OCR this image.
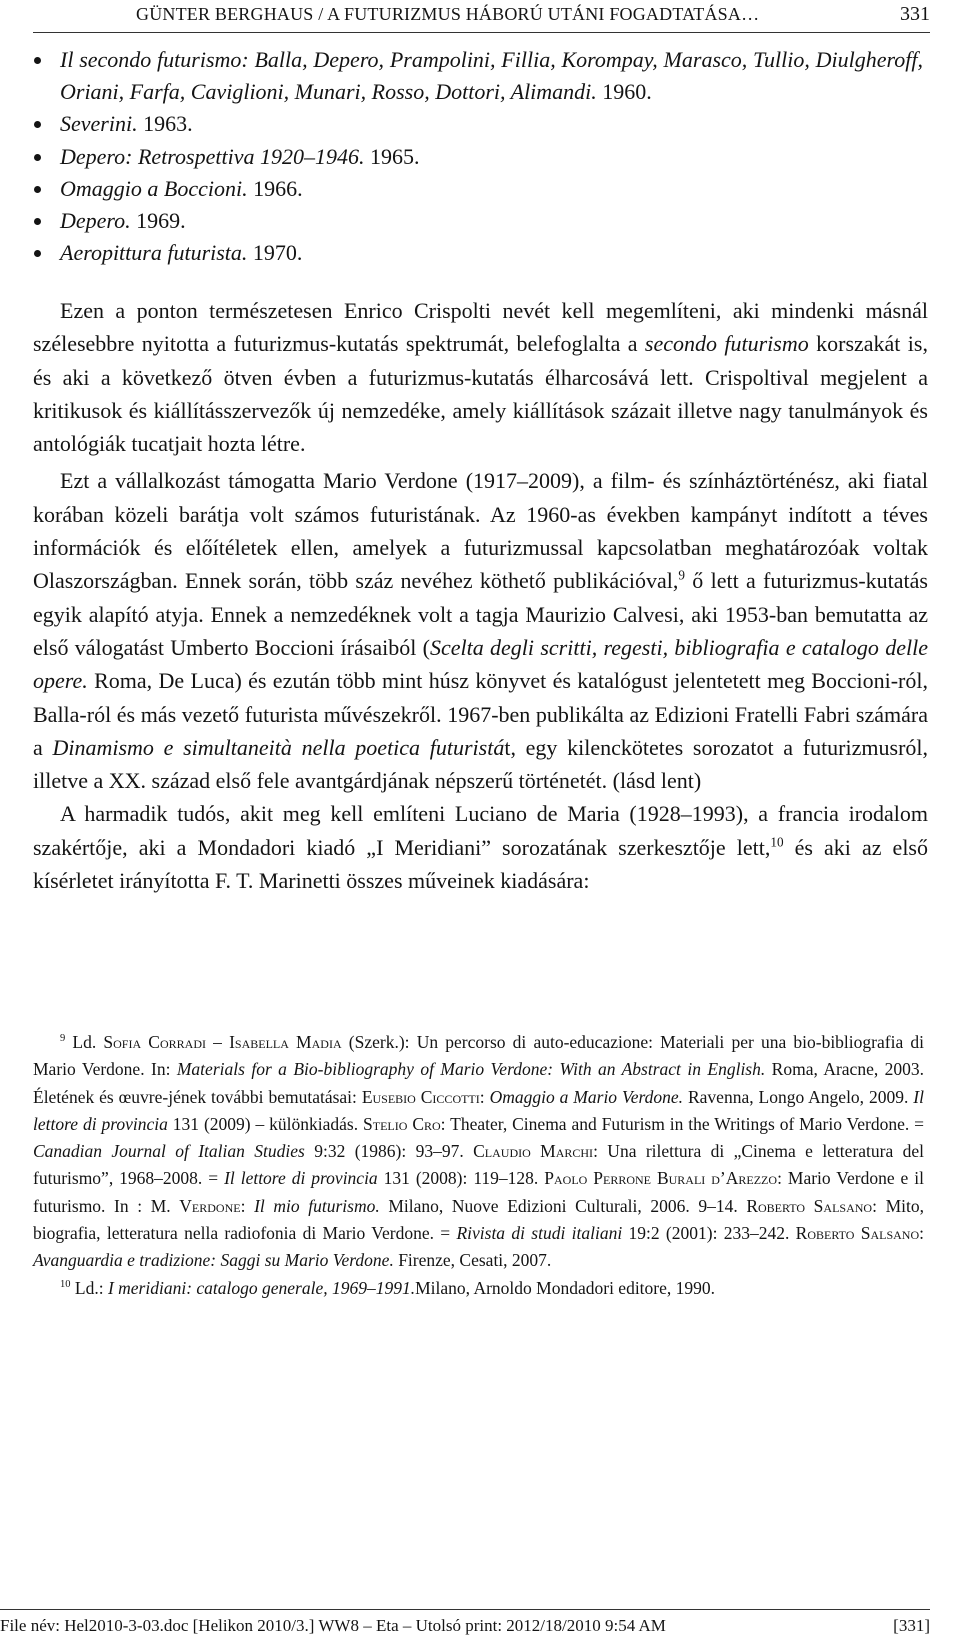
GÜNTER BERGHAUS / A FUTURIZMUS HÁBORÚ UTÁNI FOGADTATÁSA…	331
Il secondo futurismo: Balla, Depero, Prampolini, Fillia, Korompay, Marasco, Tullio, Diulgheroff, Oriani, Farfa, Caviglioni, Munari, Rosso, Dottori, Alimandi. 1960.
Severini. 1963.
Depero: Retrospettiva 1920–1946. 1965.
Omaggio a Boccioni. 1966.
Depero. 1969.
Aeropittura futurista. 1970.

Ezen a ponton természetesen Enrico Crispolti nevét kell megemlíteni, aki mindenki másnál szélesebbre nyitotta a futurizmus-kutatás spektrumát, belefoglalta a secondo futurismo korszakát is, és aki a következő ötven évben a futurizmus-kutatás élharcosává lett. Crispoltival megjelent a kritikusok és kiállításszervezők új nemzedéke, amely kiállítások százait illetve nagy tanulmányok és antológiák tucatjait hozta létre.

Ezt a vállalkozást támogatta Mario Verdone (1917–2009), a film- és színháztörténész, aki fiatal korában közeli barátja volt számos futuristának. Az 1960-as években kampányt indított a téves információk és előítéletek ellen, amelyek a futurizmussal kapcsolatban meghatározóak voltak Olaszországban. Ennek során, több száz nevéhez köthető publikációval,$^9$ ő lett a futurizmus-kutatás egyik alapító atyja. Ennek a nemzedéknek volt a tagja Maurizio Calvesi, aki 1953-ban bemutatta az első válogatást Umberto Boccioni írásaiból (Scelta degli scritti, regesti, bibliografia e catalogo delle opere. Roma, De Luca) és ezután több mint húsz könyvet és katalógust jelentetett meg Boccioni-ról, Balla-ról és más vezető futurista művészekről. 1967-ben publikálta az Edizioni Fratelli Fabri számára a Dinamismo e simultaneità nella poetica futuristát, egy kilenckötetes sorozatot a futurizmusról, illetve a XX. század első fele avantgárdjának népszerű történetét. (lásd lent)

A harmadik tudós, akit meg kell említeni Luciano de Maria (1928–1993), a francia irodalom szakértője, aki a Mondadori kiadó „I Meridiani” sorozatának szerkesztője lett,$^{10}$ és aki az első kísérletet irányította F. T. Marinetti összes műveinek kiadására:

$^9$ Ld. Sofia Corradi – Isabella Madia (Szerk.): Un percorso di auto-educazione: Materiali per una bio-bibliografia di Mario Verdone. In: Materials for a Bio-bibliography of Mario Verdone: With an Abstract in English. Roma, Aracne, 2003. Életének és œuvre-jének további bemutatásai: Eusebio Ciccotti: Omaggio a Mario Verdone. Ravenna, Longo Angelo, 2009. Il lettore di provincia 131 (2009) – különkiadás. Stelio Cro: Theater, Cinema and Futurism in the Writings of Mario Verdone. = Canadian Journal of Italian Studies 9:32 (1986): 93–97. Claudio Marchi: Una rilettura di „Cinema e letteratura del futurismo”, 1968–2008. = Il lettore di provincia 131 (2008): 119–128. Paolo Perrone Burali d’Arezzo: Mario Verdone e il futurismo. In : M. Verdone: Il mio futurismo. Milano, Nuove Edizioni Culturali, 2006. 9–14. Roberto Salsano: Mito, biografia, letteratura nella radiofonia di Mario Verdone. = Rivista di studi italiani 19:2 (2001): 233–242. Roberto Salsano: Avanguardia e tradizione: Saggi su Mario Verdone. Firenze, Cesati, 2007.

$^{10}$ Ld.: I meridiani: catalogo generale, 1969–1991.Milano, Arnoldo Mondadori editore, 1990.

File név: Hel2010-3-03.doc [Helikon 2010/3.] WW8 – Eta – Utolsó print: 2012/18/2010 9:54 AM	[331]
